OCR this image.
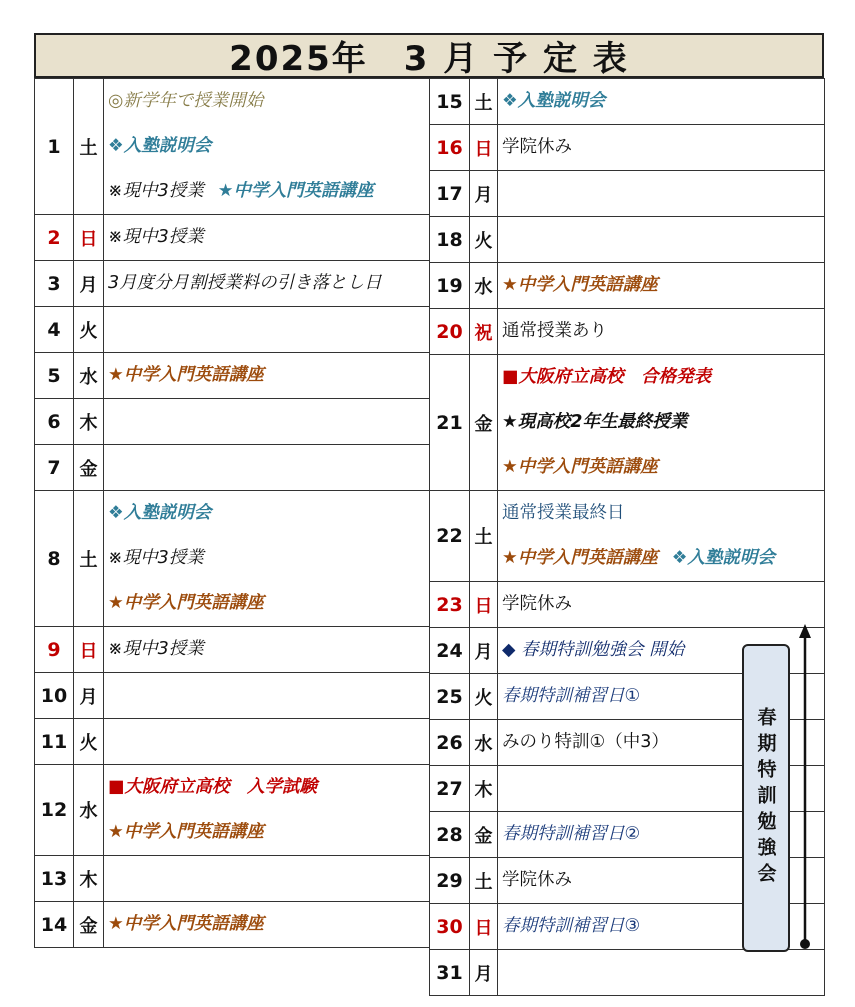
2025年　3 月 予 定 表
1	土	◎新学年で授業開始

		❖入塾説明会

		※現中3授業 ★中学入門英語講座

2	日	※現中3授業

3	月	3月度分月割授業料の引き落とし日

4	火	

5	水	★中学入門英語講座

6	木	

7	金	

8	土	❖入塾説明会

		※現中3授業

		★中学入門英語講座

9	日	※現中3授業

10	月	

11	火	

12	水	■大阪府立高校　入学試験

		★中学入門英語講座

13	木	

14	金	★中学入門英語講座
15	土	❖入塾説明会

16	日	学院休み

17	月	

18	火	

19	水	★中学入門英語講座

20	祝	通常授業あり

21	金	■大阪府立高校　合格発表

		★現高校2年生最終授業

		★中学入門英語講座

22	土	通常授業最終日

		★中学入門英語講座 ❖入塾説明会

23	日	学院休み

24	月	◆ 春期特訓勉強会 開始

25	火	春期特訓補習日①

26	水	みのり特訓①（中3）

27	木	

28	金	春期特訓補習日②

29	土	学院休み

30	日	春期特訓補習日③

31	月	
春期特訓勉強会
